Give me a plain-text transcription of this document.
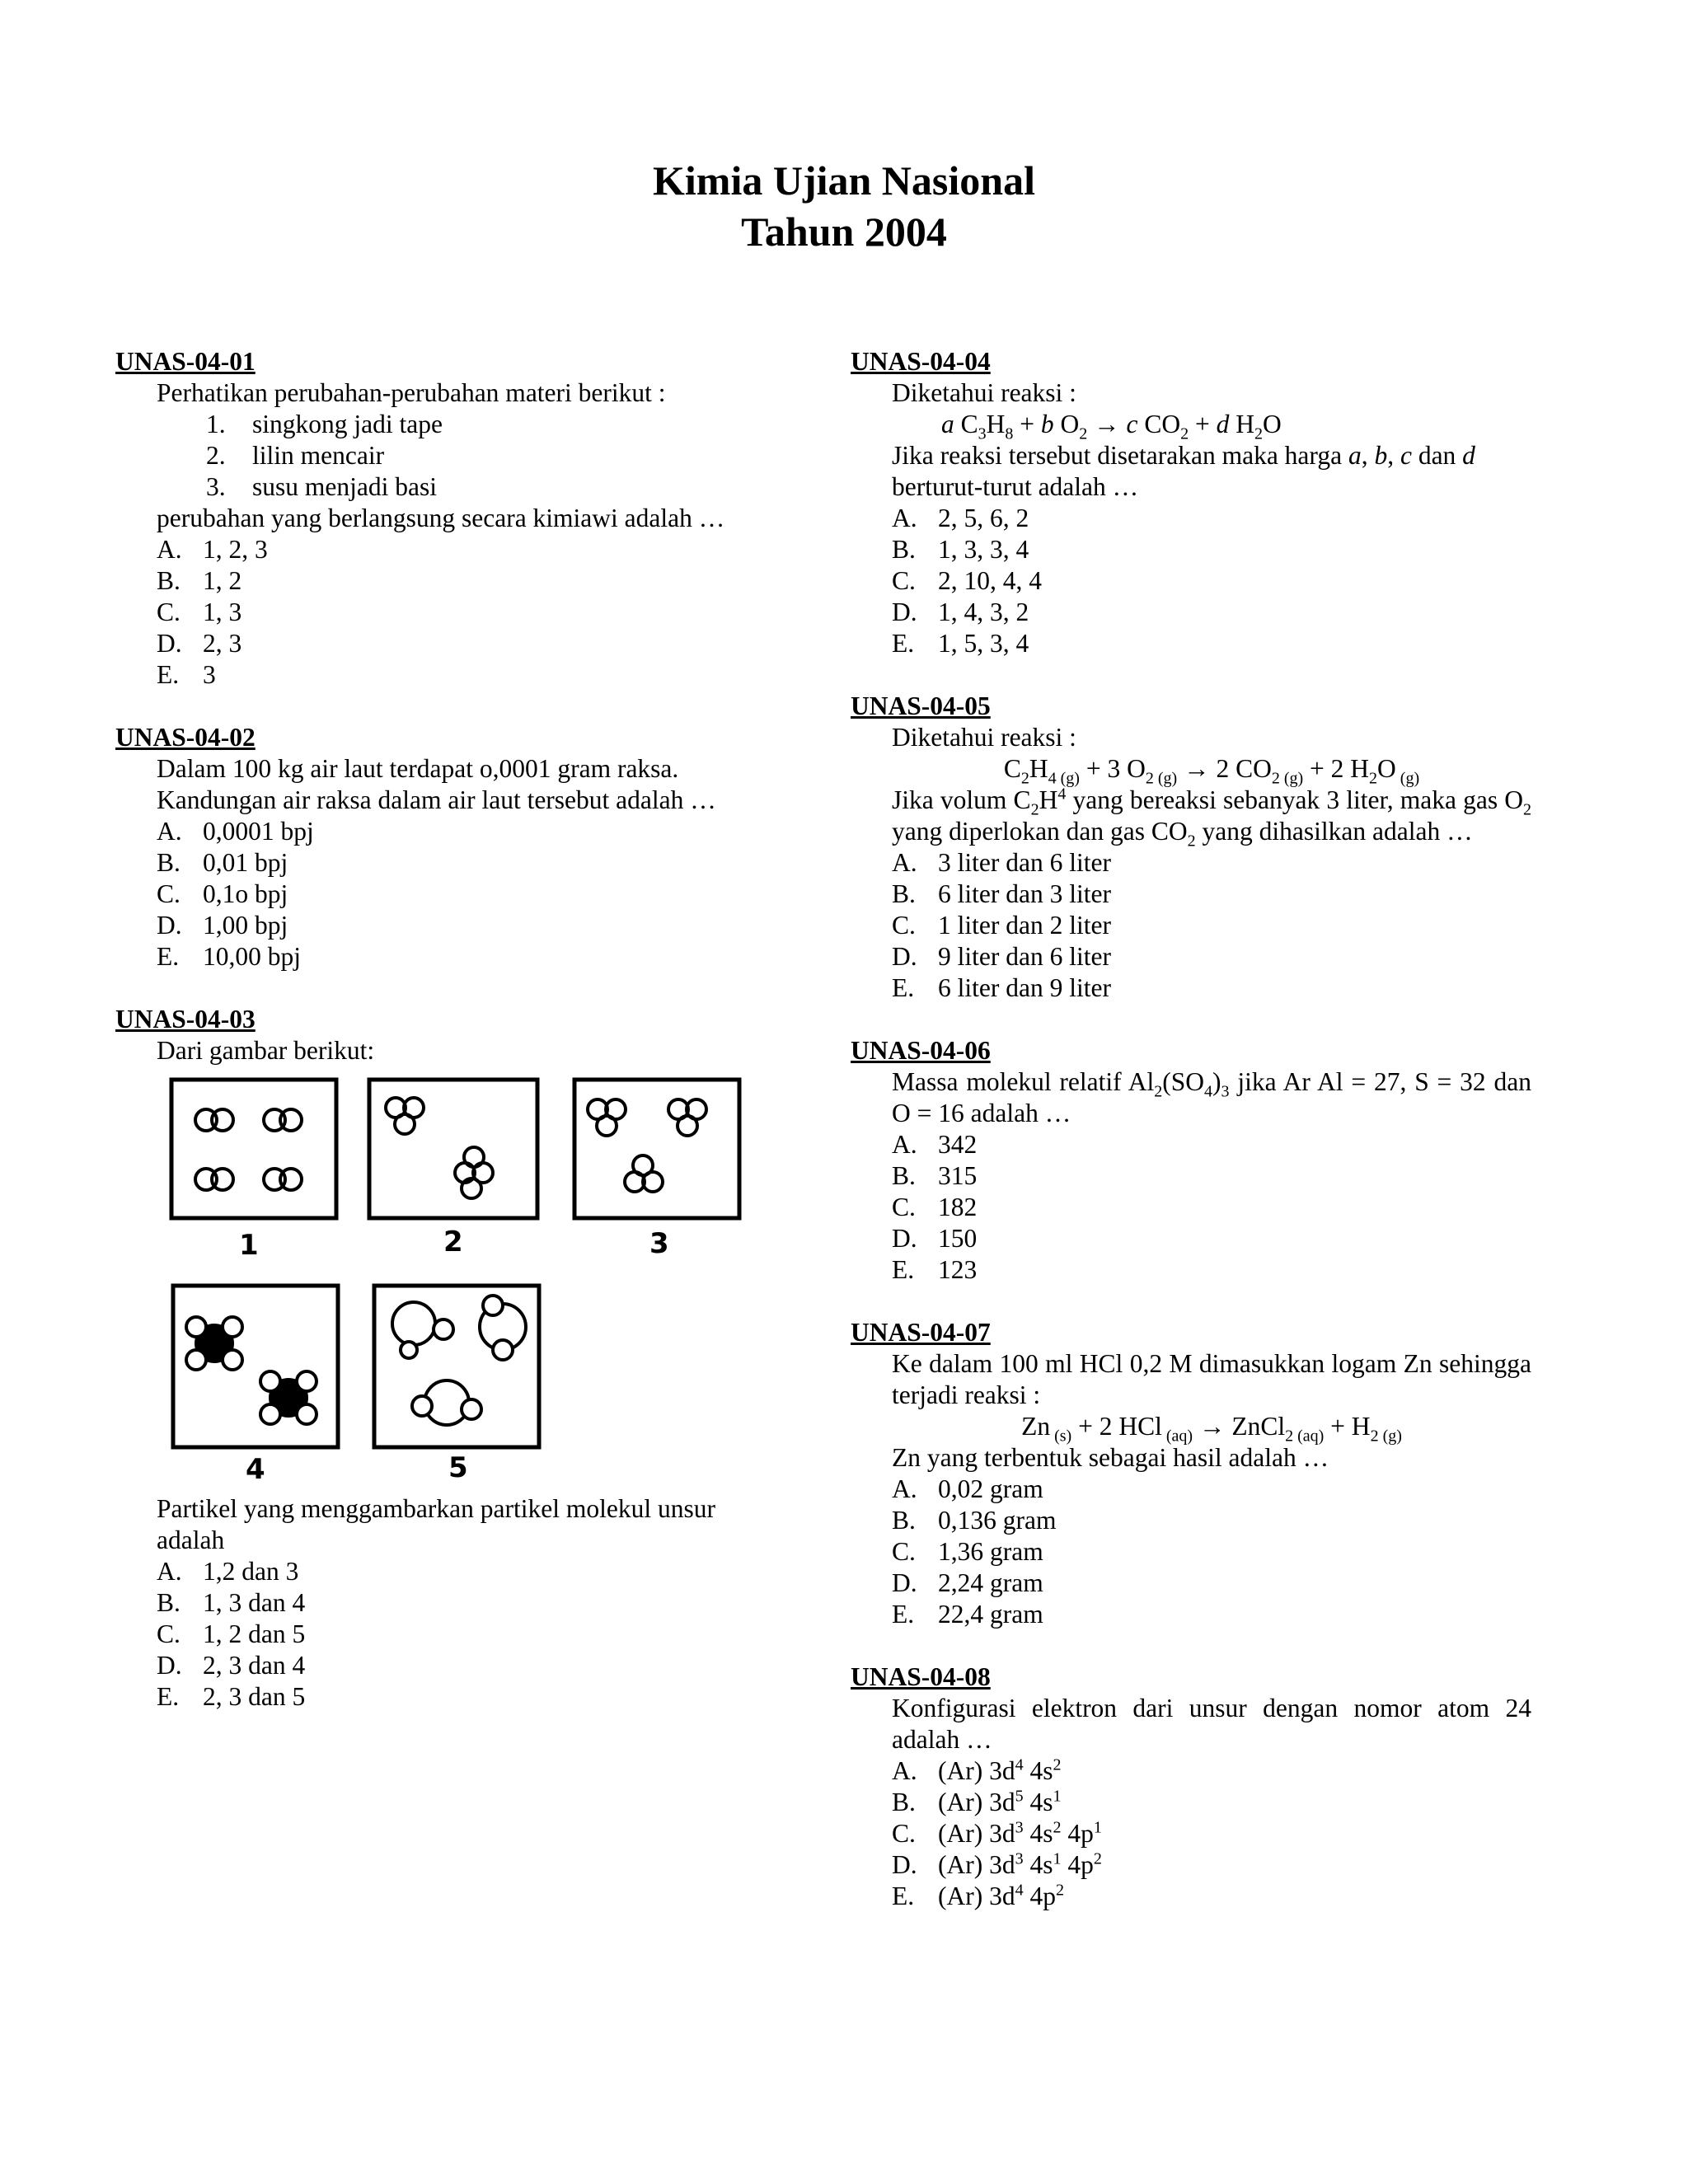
Kimia Ujian Nasional
Tahun 2004
UNAS-04-01
Perhatikan perubahan-perubahan materi berikut :
1.	singkong jadi tape
2.	lilin mencair
3.	susu menjadi basi
perubahan yang berlangsung secara kimiawi adalah …
A. 1, 2, 3
B. 1, 2
C. 1, 3
D. 2, 3
E. 3
UNAS-04-02
Dalam 100 kg air laut terdapat o,0001 gram raksa.
Kandungan air raksa dalam air laut tersebut adalah …
A. 0,0001 bpj
B. 0,01 bpj
C. 0,1o bpj
D. 1,00 bpj
E. 10,00 bpj
UNAS-04-03
Dari gambar berikut:
1	2	3
4	5
Partikel yang menggambarkan partikel molekul unsur adalah
A. 1,2 dan 3
B. 1, 3 dan 4
C. 1, 2 dan 5
D. 2, 3 dan 4
E. 2, 3 dan 5
UNAS-04-04
Diketahui reaksi :
a $C_3H_8 + b$ $O_2 \to c$ $CO_2 + d$ $H_2O$
Jika reaksi tersebut disetarakan maka harga a, b, c dan d
berturut-turut adalah …
A. 2, 5, 6, 2
B. 1, 3, 3, 4
C. 2, 10, 4, 4
D. 1, 4, 3, 2
E. 1, 5, 3, 4
UNAS-04-05
Diketahui reaksi :
$C_2H_4$ $_{(g)}$ + 3 $O_2$ $_{(g)}$ → 2 $CO_2$ $_{(g)}$ + 2 $H_2O$ $_{(g)}$
Jika volum $C_2H^4$ yang bereaksi sebanyak 3 liter, maka gas $O_2$ yang diperlokan dan gas $CO_2$ yang dihasilkan adalah …
A. 3 liter dan 6 liter
B. 6 liter dan 3 liter
C. 1 liter dan 2 liter
D. 9 liter dan 6 liter
E. 6 liter dan 9 liter
UNAS-04-06
Massa molekul relatif $Al_2(SO_4)_3$ jika Ar Al = 27, S = 32 dan O = 16 adalah …
A. 342
B. 315
C. 182
D. 150
E. 123
UNAS-04-07
Ke dalam 100 ml HCl 0,2 M dimasukkan logam Zn sehingga terjadi reaksi :
Zn $_{(s)}$ + 2 HCl $_{(aq)}$ → ZnCl$_2$ $_{(aq)} + H_2$ $_{(g)}$
Zn yang terbentuk sebagai hasil adalah …
A. 0,02 gram
B. 0,136 gram
C. 1,36 gram
D. 2,24 gram
E. 22,4 gram
UNAS-04-08
Konfigurasi elektron dari unsur dengan nomor atom 24 adalah …
A. (Ar) $3d^4$ $4s^2$
B. (Ar) $3d^5$ $4s^1$
C. (Ar) $3d^3$ $4s^2$ $4p^1$
D. (Ar) $3d^3$ $4s^1$ $4p^2$
E. (Ar) $3d^4$ $4p^2$
